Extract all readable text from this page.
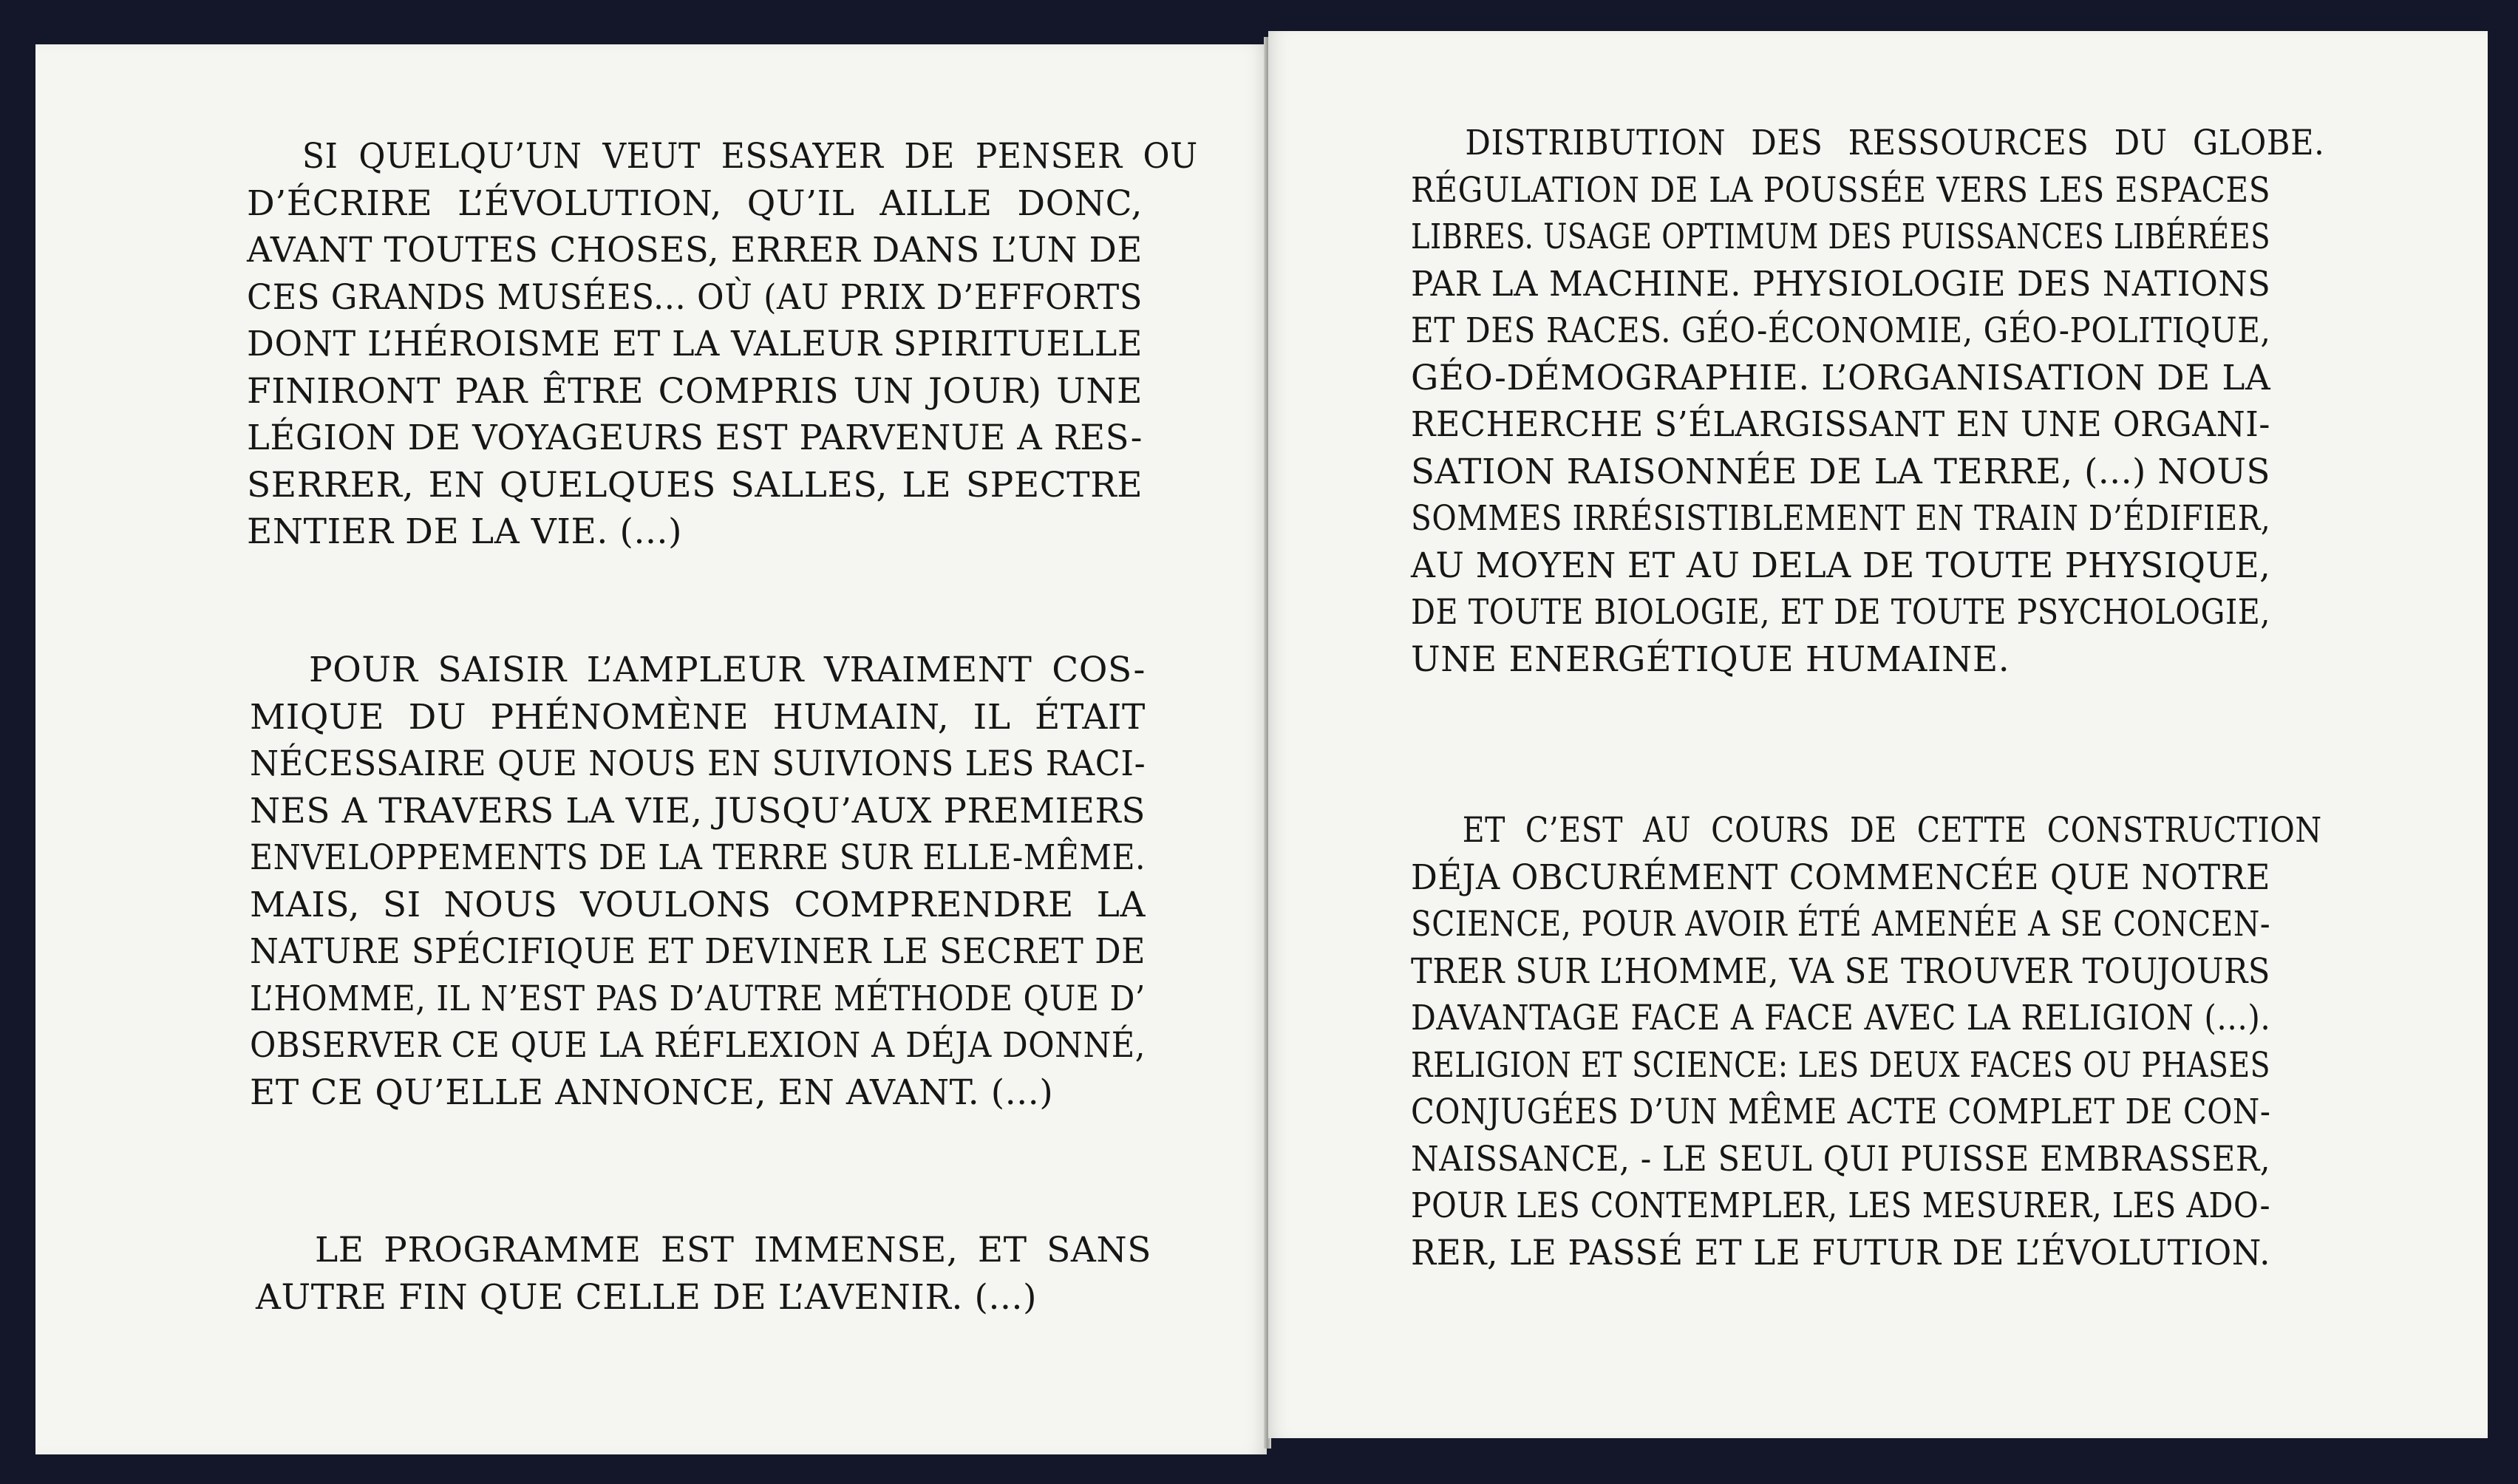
SI QUELQU’UN VEUT ESSAYER DE PENSER OU
D’ÉCRIRE L’ÉVOLUTION, QU’IL AILLE DONC,
AVANT TOUTES CHOSES, ERRER DANS L’UN DE
CES GRANDS MUSÉES... OÙ (AU PRIX D’EFFORTS
DONT L’HÉROISME ET LA VALEUR SPIRITUELLE
FINIRONT PAR ÊTRE COMPRIS UN JOUR) UNE
LÉGION DE VOYAGEURS EST PARVENUE A RES-
SERRER, EN QUELQUES SALLES, LE SPECTRE
ENTIER DE LA VIE. (...)
POUR SAISIR L’AMPLEUR VRAIMENT COS-
MIQUE DU PHÉNOMÈNE HUMAIN, IL ÉTAIT
NÉCESSAIRE QUE NOUS EN SUIVIONS LES RACI-
NES A TRAVERS LA VIE, JUSQU’AUX PREMIERS
ENVELOPPEMENTS DE LA TERRE SUR ELLE-MÊME.
MAIS, SI NOUS VOULONS COMPRENDRE LA
NATURE SPÉCIFIQUE ET DEVINER LE SECRET DE
L’HOMME, IL N’EST PAS D’AUTRE MÉTHODE QUE D’
OBSERVER CE QUE LA RÉFLEXION A DÉJA DONNÉ,
ET CE QU’ELLE ANNONCE, EN AVANT. (...)
LE PROGRAMME EST IMMENSE, ET SANS
AUTRE FIN QUE CELLE DE L’AVENIR. (...)
DISTRIBUTION DES RESSOURCES DU GLOBE.
RÉGULATION DE LA POUSSÉE VERS LES ESPACES
LIBRES. USAGE OPTIMUM DES PUISSANCES LIBÉRÉES
PAR LA MACHINE. PHYSIOLOGIE DES NATIONS
ET DES RACES. GÉO-ÉCONOMIE, GÉO-POLITIQUE,
GÉO-DÉMOGRAPHIE. L’ORGANISATION DE LA
RECHERCHE S’ÉLARGISSANT EN UNE ORGANI-
SATION RAISONNÉE DE LA TERRE, (...) NOUS
SOMMES IRRÉSISTIBLEMENT EN TRAIN D’ÉDIFIER,
AU MOYEN ET AU DELA DE TOUTE PHYSIQUE,
DE TOUTE BIOLOGIE, ET DE TOUTE PSYCHOLOGIE,
UNE ENERGÉTIQUE HUMAINE.
ET C’EST AU COURS DE CETTE CONSTRUCTION
DÉJA OBCURÉMENT COMMENCÉE QUE NOTRE
SCIENCE, POUR AVOIR ÉTÉ AMENÉE A SE CONCEN-
TRER SUR L’HOMME, VA SE TROUVER TOUJOURS
DAVANTAGE FACE A FACE AVEC LA RELIGION (...).
RELIGION ET SCIENCE: LES DEUX FACES OU PHASES
CONJUGÉES D’UN MÊME ACTE COMPLET DE CON-
NAISSANCE, - LE SEUL QUI PUISSE EMBRASSER,
POUR LES CONTEMPLER, LES MESURER, LES ADO-
RER, LE PASSÉ ET LE FUTUR DE L’ÉVOLUTION.
